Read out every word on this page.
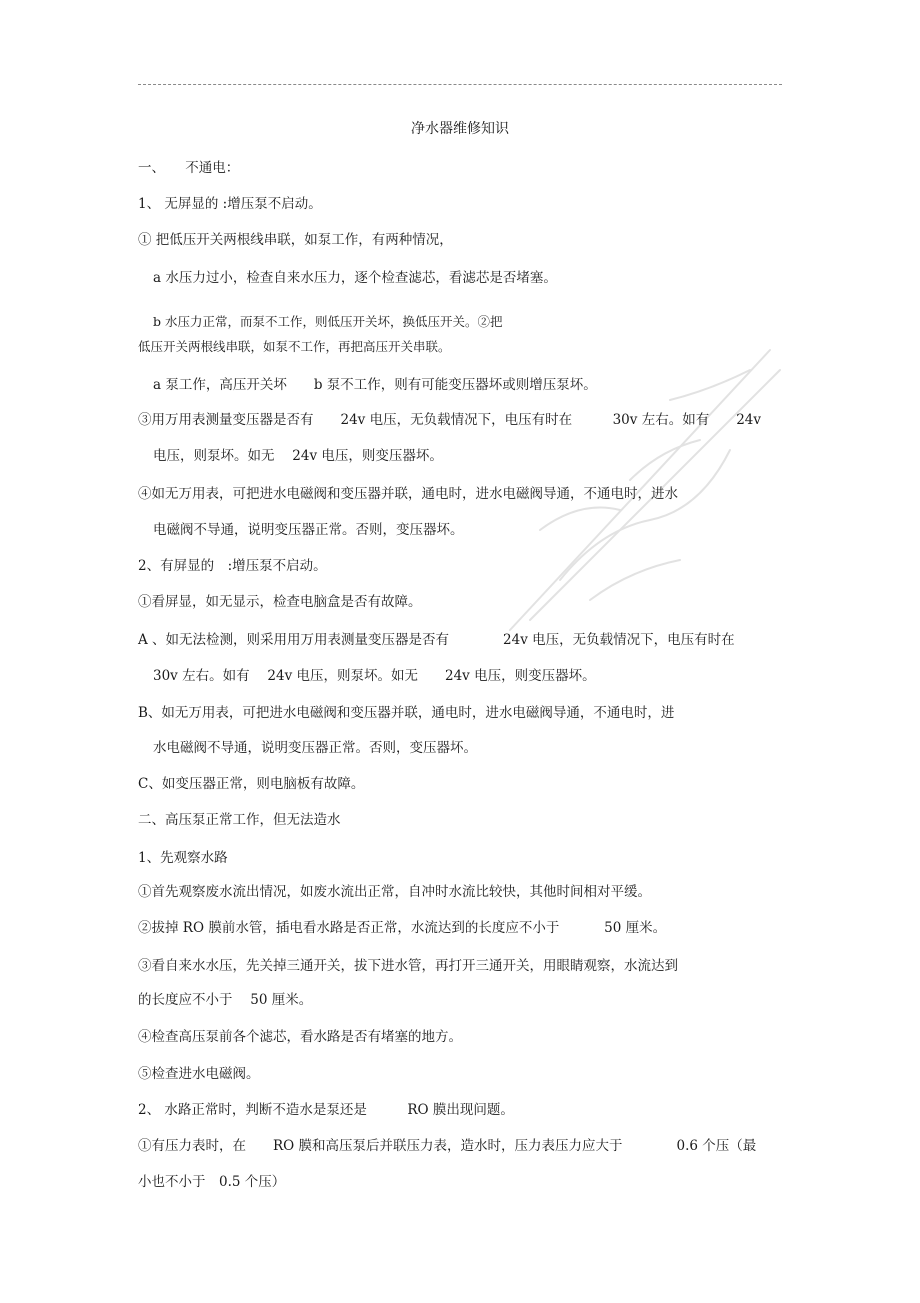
净水器维修知识
一、　　不通电：
1、 无屏显的 :增压泵不启动。
① 把低压开关两根线串联，如泵工作，有两种情况，
a 水压力过小，检查自来水压力，逐个检查滤芯，看滤芯是否堵塞。
b 水压力正常，而泵不工作，则低压开关坏，换低压开关。②把
低压开关两根线串联，如泵不工作，再把高压开关串联。
a 泵工作，高压开关坏　　b 泵不工作，则有可能变压器坏或则增压泵坏。
③用万用表测量变压器是否有　　24v 电压，无负载情况下，电压有时在　　　30v 左右。如有　　24v
电压，则泵坏。如无　 24v 电压，则变压器坏。
④如无万用表，可把进水电磁阀和变压器并联，通电时，进水电磁阀导通，不通电时，进水
电磁阀不导通，说明变压器正常。否则，变压器坏。
2、有屏显的　:增压泵不启动。
①看屏显，如无显示，检查电脑盒是否有故障。
A 、如无法检测，则采用用万用表测量变压器是否有　　　　24v 电压，无负载情况下，电压有时在
30v 左右。如有　 24v 电压，则泵坏。如无　　24v 电压，则变压器坏。
B、如无万用表，可把进水电磁阀和变压器并联，通电时，进水电磁阀导通，不通电时，进
水电磁阀不导通，说明变压器正常。否则，变压器坏。
C、如变压器正常，则电脑板有故障。
二、高压泵正常工作，但无法造水
1、先观察水路
①首先观察废水流出情况，如废水流出正常，自冲时水流比较快，其他时间相对平缓。
②拔掉 RO 膜前水管，插电看水路是否正常，水流达到的长度应不小于　　　 50 厘米。
③看自来水水压，先关掉三通开关，拔下进水管，再打开三通开关，用眼睛观察，水流达到
的长度应不小于　 50 厘米。
④检查高压泵前各个滤芯，看水路是否有堵塞的地方。
⑤检查进水电磁阀。
2、 水路正常时，判断不造水是泵还是　　　RO 膜出现问题。
①有压力表时，在　　RO 膜和高压泵后并联压力表，造水时，压力表压力应大于　　　　0.6 个压（最
小也不小于　0.5 个压）
